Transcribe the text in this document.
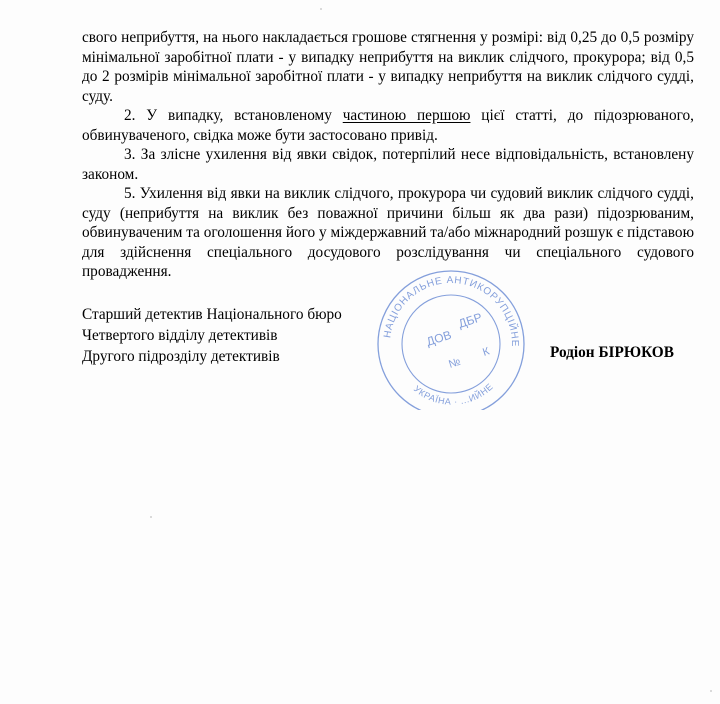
свого неприбуття, на нього накладається грошове стягнення у розмірі: від 0,25 до 0,5 розміру мінімальної заробітної плати - у випадку неприбуття на виклик слідчого, прокурора; від 0,5 до 2 розмірів мінімальної заробітної плати - у випадку неприбуття на виклик слідчого судді, суду.

2. У випадку, встановленому частиною першою цієї статті, до підозрюваного, обвинуваченого, свідка може бути застосовано привід.

3. За злісне ухилення від явки свідок, потерпілий несе відповідальність, встановлену законом.

5. Ухилення від явки на виклик слідчого, прокурора чи судовий виклик слідчого судді, суду (неприбуття на виклик без поважної причини більш як два рази) підозрюваним, обвинуваченим та оголошення його у міждержавний та/або міжнародний розшук є підставою для здійснення спеціального досудового розслідування чи спеціального судового провадження.

Старший детектив Національного бюро
Четвертого відділу детективів
Другого підрозділу детективів	Родіон БІРЮКОВ
НАЦІОНАЛЬНЕ АНТИКОРУПЦІЙНЕ
УКРАЇНА · ...ИЙНЕ
ДБР
ДОВ
№
К
